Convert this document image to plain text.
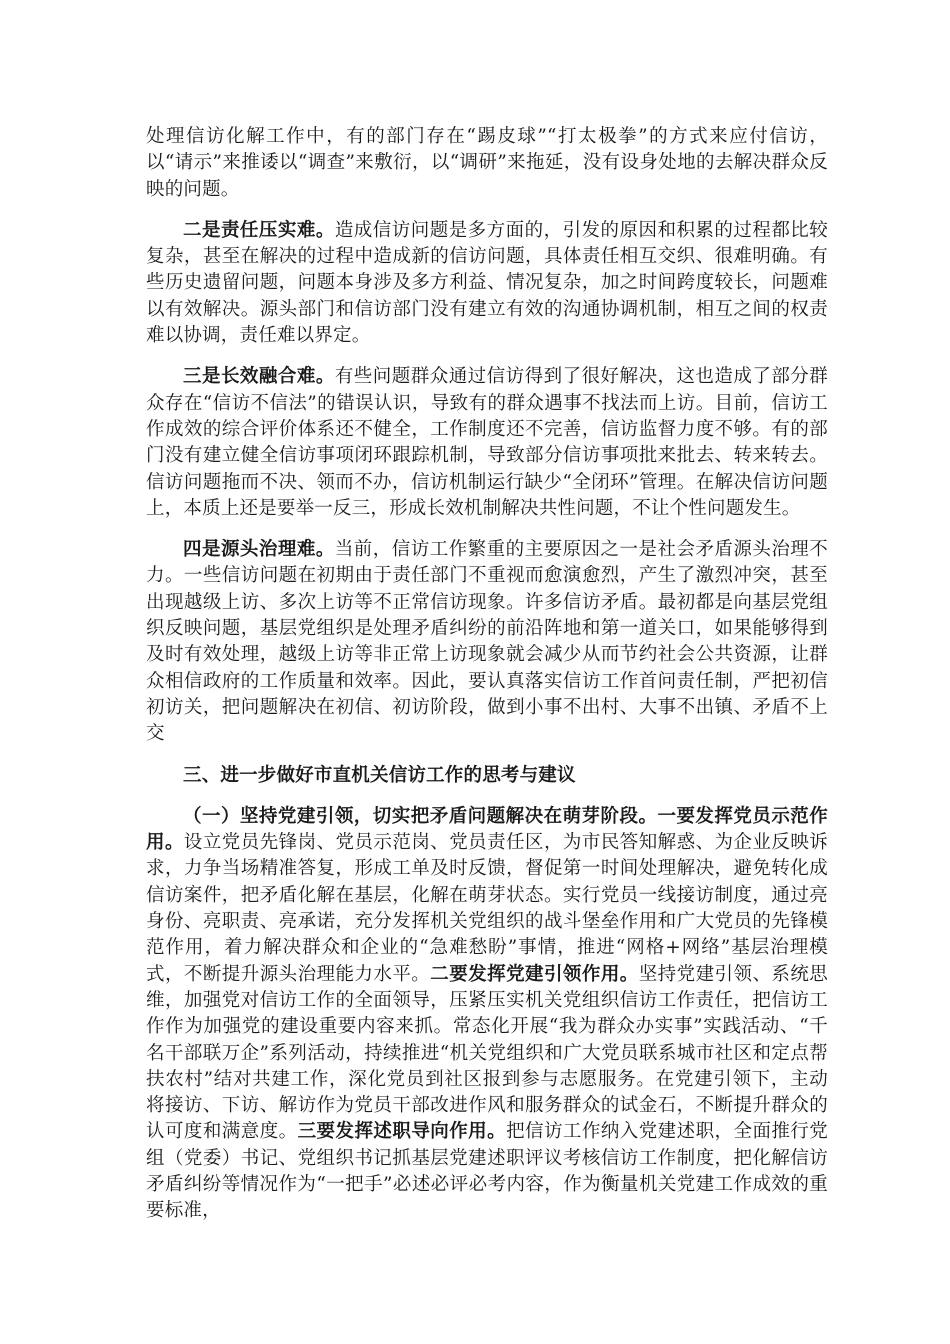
处理信访化解工作中，有的部门存在“踢皮球”“打太极拳”的方式来应付信访，以“请示”来推诿以“调查”来敷衍，以“调研”来拖延，没有设身处地的去解决群众反映的问题。

二是责任压实难。造成信访问题是多方面的，引发的原因和积累的过程都比较复杂，甚至在解决的过程中造成新的信访问题，具体责任相互交织、很难明确。有些历史遗留问题，问题本身涉及多方利益、情况复杂，加之时间跨度较长，问题难以有效解决。源头部门和信访部门没有建立有效的沟通协调机制，相互之间的权责难以协调，责任难以界定。

三是长效融合难。有些问题群众通过信访得到了很好解决，这也造成了部分群众存在“信访不信法”的错误认识，导致有的群众遇事不找法而上访。目前，信访工作成效的综合评价体系还不健全，工作制度还不完善，信访监督力度不够。有的部门没有建立健全信访事项闭环跟踪机制，导致部分信访事项批来批去、转来转去。信访问题拖而不决、领而不办，信访机制运行缺少“全闭环”管理。在解决信访问题上，本质上还是要举一反三，形成长效机制解决共性问题，不让个性问题发生。

四是源头治理难。当前，信访工作繁重的主要原因之一是社会矛盾源头治理不力。一些信访问题在初期由于责任部门不重视而愈演愈烈，产生了激烈冲突，甚至出现越级上访、多次上访等不正常信访现象。许多信访矛盾。最初都是向基层党组织反映问题，基层党组织是处理矛盾纠纷的前沿阵地和第一道关口，如果能够得到及时有效处理，越级上访等非正常上访现象就会减少从而节约社会公共资源，让群众相信政府的工作质量和效率。因此，要认真落实信访工作首问责任制，严把初信初访关，把问题解决在初信、初访阶段，做到小事不出村、大事不出镇、矛盾不上交

三、进一步做好市直机关信访工作的思考与建议

（一）坚持党建引领，切实把矛盾问题解决在萌芽阶段。一要发挥党员示范作用。设立党员先锋岗、党员示范岗、党员责任区，为市民答知解惑、为企业反映诉求，力争当场精准答复，形成工单及时反馈，督促第一时间处理解决，避免转化成信访案件，把矛盾化解在基层，化解在萌芽状态。实行党员一线接访制度，通过亮身份、亮职责、亮承诺，充分发挥机关党组织的战斗堡垒作用和广大党员的先锋模范作用，着力解决群众和企业的“急难愁盼”事情，推进“网格+网络”基层治理模式，不断提升源头治理能力水平。二要发挥党建引领作用。坚持党建引领、系统思维，加强党对信访工作的全面领导，压紧压实机关党组织信访工作责任，把信访工作作为加强党的建设重要内容来抓。常态化开展“我为群众办实事”实践活动、“千名干部联万企”系列活动，持续推进“机关党组织和广大党员联系城市社区和定点帮扶农村”结对共建工作，深化党员到社区报到参与志愿服务。在党建引领下，主动将接访、下访、解访作为党员干部改进作风和服务群众的试金石，不断提升群众的认可度和满意度。三要发挥述职导向作用。把信访工作纳入党建述职，全面推行党组（党委）书记、党组织书记抓基层党建述职评议考核信访工作制度，把化解信访矛盾纠纷等情况作为“一把手”必述必评必考内容，作为衡量机关党建工作成效的重要标准，
